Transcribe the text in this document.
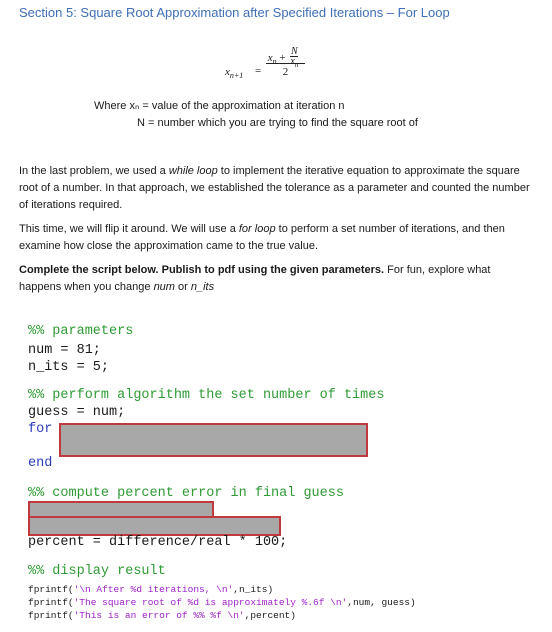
Section 5: Square Root Approximation after Specified Iterations – For Loop
$x_{n+1}$ =
$x_n + \frac{N}{x_n}$
2
Where xₙ = value of the approximation at iteration n
N = number which you are trying to find the square root of
In the last problem, we used a while loop to implement the iterative equation to approximate the square root of a number. In that approach, we established the tolerance as a parameter and counted the number of iterations required.
This time, we will flip it around. We will use a for loop to perform a set number of iterations, and then examine how close the approximation came to the true value.
Complete the script below. Publish to pdf using the given parameters. For fun, explore what happens when you change num or n_its
%% parameters
num = 81;
n_its = 5;
%% perform algorithm the set number of times
guess = num;
for
end
%% compute percent error in final guess
percent = difference/real * 100;
%% display result
fprintf('\n After %d iterations, \n',n_its)
fprintf('The square root of %d is approximately %.6f \n',num, guess)
fprintf('This is an error of %% %f \n',percent)
